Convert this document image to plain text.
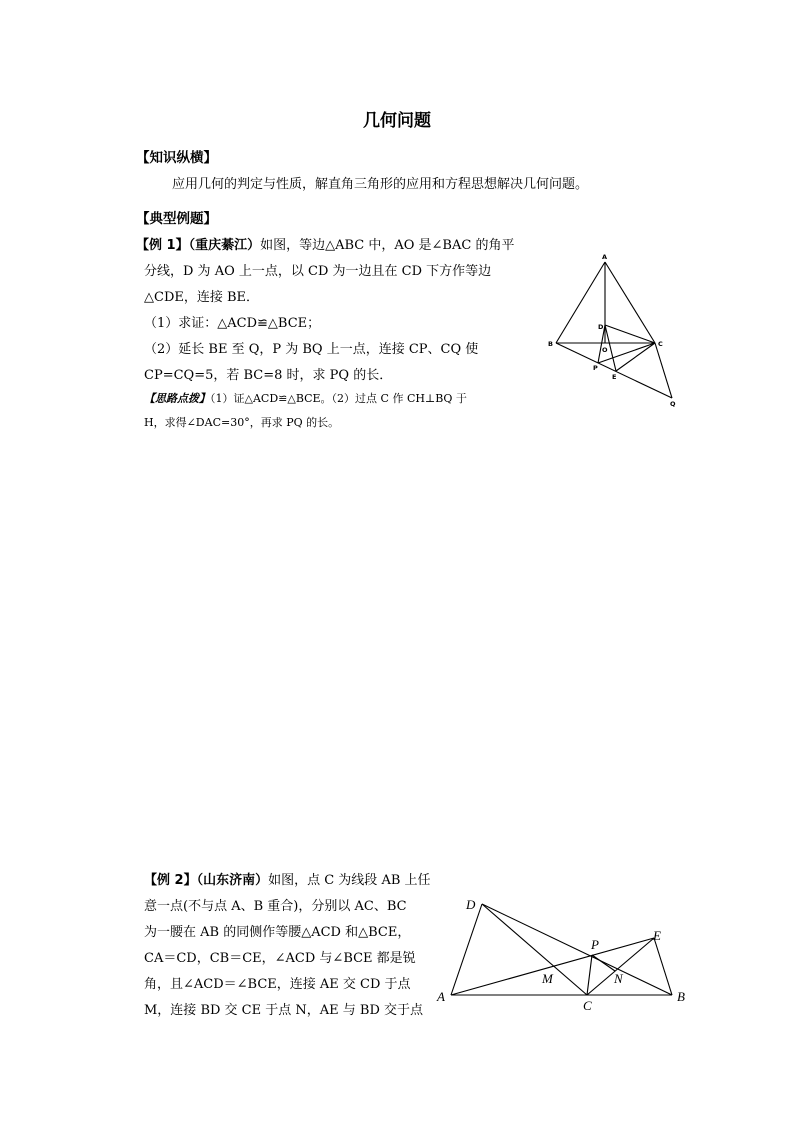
几何问题
【知识纵横】
应用几何的判定与性质，解直角三角形的应用和方程思想解决几何问题。
【典型例题】
【例 1】（重庆綦江）如图，等边△ABC 中，AO 是∠BAC 的角平
分线，D 为 AO 上一点，以 CD 为一边且在 CD 下方作等边
△CDE，连接 BE．
（1）求证：△ACD≌△BCE；
（2）延长 BE 至 Q，P 为 BQ 上一点，连接 CP、CQ 使
CP=CQ=5，若 BC=8 时，求 PQ 的长．
【思路点拨】（1）证△ACD≌△BCE。（2）过点 C 作 CH⊥BQ 于
H，求得∠DAC=30°，再求 PQ 的长。
A
B	C
D
O
P
E
Q
【例 2】（山东济南）如图，点 C 为线段 AB 上任
意一点(不与点 A、B 重合)，分别以 AC、BC
为一腰在 AB 的同侧作等腰△ACD 和△BCE，
CA＝CD，CB＝CE，∠ACD 与∠BCE 都是锐
角，且∠ACD＝∠BCE，连接 AE 交 CD 于点
M，连接 BD 交 CE 于点 N，AE 与 BD 交于点
D
E
P
M	N
A
C
B
